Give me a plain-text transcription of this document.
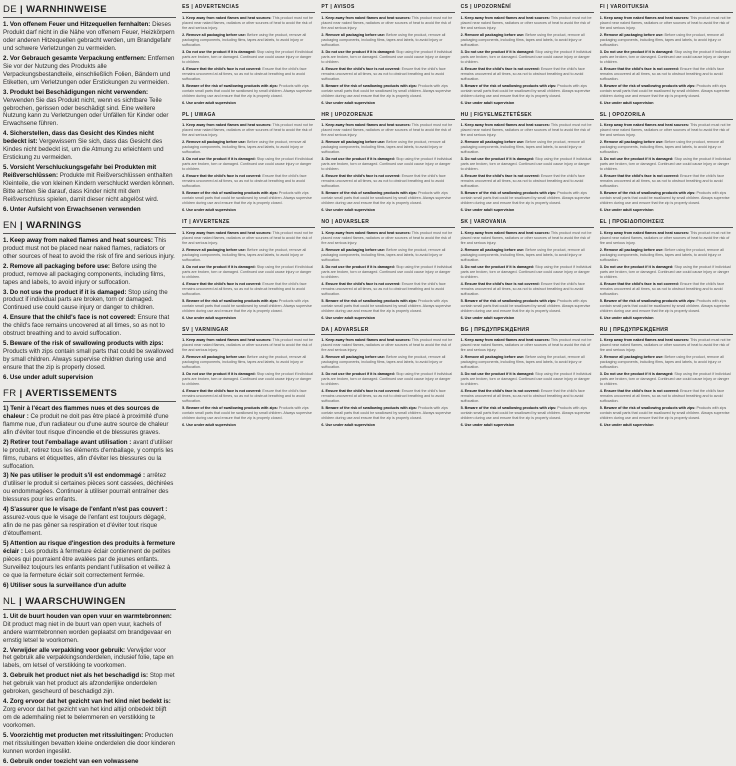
DE | WARNHINWEISE
1. Von offenem Feuer und Hitzequellen fernhalten: Dieses Produkt darf nicht in die Nähe von offenem Feuer, Heizkörpern oder anderen Hitzequellen gebracht werden, um Brandgefahr und schwere Verletzungen zu vermeiden.
2. Vor Gebrauch gesamte Verpackung entfernen: Entfernen Sie vor der Nutzung des Produkts alle Verpackungsbestandteile, einschließlich Folien, Bändern und Etiketten, um Verletzungen oder Erstickungen zu vermeiden.
3. Produkt bei Beschädigungen nicht verwenden: Verwenden Sie das Produkt nicht, wenn es sichtbare Teile gebrochen, gerissen oder beschädigt sind. Eine weitere Nutzung kann zu Verletzungen oder Unfällen für Kinder oder Erwachsene führen.
4. Sicherstellen, dass das Gesicht des Kindes nicht bedeckt ist: Vergewissern Sie sich, dass das Gesicht des Kindes nicht bedeckt ist, um die Atmung zu erleichtern und Erstickung zu vermeiden.
5. Vorsicht Verschluckungsgefahr bei Produkten mit Reißverschlüssen: Produkte mit Reißverschlüssen enthalten Kleinteile, die von kleinen Kindern verschluckt werden können. Bitte achten Sie darauf, dass Kinder nicht mit dem Reißverschluss spielen, damit dieser nicht abgelöst wird.
6. Unter Aufsicht von Erwachsenen verwenden
EN | WARNINGS
1. Keep away from naked flames and heat sources: This product must not be placed near naked flames, radiators or other sources of heat to avoid the risk of fire and serious injury.
2. Remove all packaging before use: Before using the product, remove all packaging components, including films, tapes and labels, to avoid injury or suffocation.
3. Do not use the product if it is damaged: Stop using the product if individual parts are broken, torn or damaged. Continued use could cause injury or danger to children.
4. Ensure that the child's face is not covered: Ensure that the child's face remains uncovered at all times, so as not to obstruct breathing and to avoid suffocation.
5. Beware of the risk of swallowing products with zips: Products with zips contain small parts that could be swallowed by small children. Always supervise children during use and ensure that the zip is properly closed.
6. Use under adult supervision
FR | AVERTISSEMENTS
1) Tenir à l'écart des flammes nues et des sources de chaleur : Ce produit ne doit pas être placé à proximité d'une flamme nue, d'un radiateur ou d'une autre source de chaleur afin d'éviter tout risque d'incendie et de blessures graves.
2) Retirer tout l'emballage avant utilisation : avant d'utiliser le produit, retirez tous les éléments d'emballage, y compris les films, rubans et étiquettes, afin d'éviter les blessures ou la suffocation.
3) Ne pas utiliser le produit s'il est endommagé : arrêtez d'utiliser le produit si certaines pièces sont cassées, déchirées ou endommagées. Continuer à utiliser pourrait entraîner des blessures pour les enfants.
4) S'assurer que le visage de l'enfant n'est pas couvert : assurez-vous que le visage de l'enfant est toujours dégagé, afin de ne pas gêner sa respiration et d'éviter tout risque d'étouffement.
5) Attention au risque d'ingestion des produits à fermeture éclair : Les produits à fermeture éclair contiennent de petites pièces qui pourraient être avalées par de jeunes enfants. Surveillez toujours les enfants pendant l'utilisation et veillez à ce que la fermeture éclair soit correctement fermée.
6) Utiliser sous la surveillance d'un adulte
NL | WAARSCHUWINGEN
1. Uit de buurt houden van open vuur en warmtebronnen: Dit product mag niet in de buurt van open vuur, kachels of andere warmtebronnen worden geplaatst om brandgevaar en ernstig letsel te voorkomen.
2. Verwijder alle verpakking voor gebruik: Verwijder voor het gebruik alle verpakkingsonderdelen, inclusief folie, tape en labels, om letsel of verstikking te voorkomen.
3. Gebruik het product niet als het beschadigd is: Stop met het gebruik van het product als afzonderlijke onderdelen gebroken, gescheurd of beschadigd zijn.
4. Zorg ervoor dat het gezicht van het kind niet bedekt is: Zorg ervoor dat het gezicht van het kind altijd onbedekt blijft om de ademhaling niet te belemmeren en verstikking te voorkomen.
5. Voorzichtig met producten met ritssluitingen: Producten met ritssluitingen bevatten kleine onderdelen die door kinderen kunnen worden ingeslikt.
6. Gebruik onder toezicht van een volwassene
ES | ADVERTENCIAS
1. Keep away from naked flames and heat sources: This product must not be placed near naked flames, radiators or other sources of heat to avoid the risk of fire and serious injury.
2. Remove all packaging before use: Before using the product, remove all packaging components, including films, tapes and labels, to avoid injury or suffocation.
3. Do not use the product if it is damaged: Stop using the product if individual parts are broken, torn or damaged. Continued use could cause injury or danger to children.
4. Ensure that the child's face is not covered: Ensure that the child's face remains uncovered at all times, so as not to obstruct breathing and to avoid suffocation.
5. Beware of the risk of swallowing products with zips: Products with zips contain small parts that could be swallowed by small children. Always supervise children during use and ensure that the zip is properly closed.
6. Use under adult supervision
PL | UWAGA
1. Keep away from naked flames and heat sources: This product must not be placed near naked flames, radiators or other sources of heat to avoid the risk of fire and serious injury.
2. Remove all packaging before use: Before using the product, remove all packaging components, including films, tapes and labels, to avoid injury or suffocation.
3. Do not use the product if it is damaged: Stop using the product if individual parts are broken, torn or damaged. Continued use could cause injury or danger to children.
4. Ensure that the child's face is not covered: Ensure that the child's face remains uncovered at all times, so as not to obstruct breathing and to avoid suffocation.
5. Beware of the risk of swallowing products with zips: Products with zips contain small parts that could be swallowed by small children. Always supervise children during use and ensure that the zip is properly closed.
6. Use under adult supervision
IT | AVVERTENZE
1. Keep away from naked flames and heat sources: This product must not be placed near naked flames, radiators or other sources of heat to avoid the risk of fire and serious injury.
2. Remove all packaging before use: Before using the product, remove all packaging components, including films, tapes and labels, to avoid injury or suffocation.
3. Do not use the product if it is damaged: Stop using the product if individual parts are broken, torn or damaged. Continued use could cause injury or danger to children.
4. Ensure that the child's face is not covered: Ensure that the child's face remains uncovered at all times, so as not to obstruct breathing and to avoid suffocation.
5. Beware of the risk of swallowing products with zips: Products with zips contain small parts that could be swallowed by small children. Always supervise children during use and ensure that the zip is properly closed.
6. Use under adult supervision
SV | VARNINGAR
1. Keep away from naked flames and heat sources: This product must not be placed near naked flames, radiators or other sources of heat to avoid the risk of fire and serious injury.
2. Remove all packaging before use: Before using the product, remove all packaging components, including films, tapes and labels, to avoid injury or suffocation.
3. Do not use the product if it is damaged: Stop using the product if individual parts are broken, torn or damaged. Continued use could cause injury or danger to children.
4. Ensure that the child's face is not covered: Ensure that the child's face remains uncovered at all times, so as not to obstruct breathing and to avoid suffocation.
5. Beware of the risk of swallowing products with zips: Products with zips contain small parts that could be swallowed by small children. Always supervise children during use and ensure that the zip is properly closed.
6. Use under adult supervision
PT | AVISOS
1. Keep away from naked flames and heat sources: This product must not be placed near naked flames, radiators or other sources of heat to avoid the risk of fire and serious injury.
2. Remove all packaging before use: Before using the product, remove all packaging components, including films, tapes and labels, to avoid injury or suffocation.
3. Do not use the product if it is damaged: Stop using the product if individual parts are broken, torn or damaged. Continued use could cause injury or danger to children.
4. Ensure that the child's face is not covered: Ensure that the child's face remains uncovered at all times, so as not to obstruct breathing and to avoid suffocation.
5. Beware of the risk of swallowing products with zips: Products with zips contain small parts that could be swallowed by small children. Always supervise children during use and ensure that the zip is properly closed.
6. Use under adult supervision
HR | UPOZORENJE
1. Keep away from naked flames and heat sources: This product must not be placed near naked flames, radiators or other sources of heat to avoid the risk of fire and serious injury.
2. Remove all packaging before use: Before using the product, remove all packaging components, including films, tapes and labels, to avoid injury or suffocation.
3. Do not use the product if it is damaged: Stop using the product if individual parts are broken, torn or damaged. Continued use could cause injury or danger to children.
4. Ensure that the child's face is not covered: Ensure that the child's face remains uncovered at all times, so as not to obstruct breathing and to avoid suffocation.
5. Beware of the risk of swallowing products with zips: Products with zips contain small parts that could be swallowed by small children. Always supervise children during use and ensure that the zip is properly closed.
6. Use under adult supervision
NO | ADVARSLER
1. Keep away from naked flames and heat sources: This product must not be placed near naked flames, radiators or other sources of heat to avoid the risk of fire and serious injury.
2. Remove all packaging before use: Before using the product, remove all packaging components, including films, tapes and labels, to avoid injury or suffocation.
3. Do not use the product if it is damaged: Stop using the product if individual parts are broken, torn or damaged. Continued use could cause injury or danger to children.
4. Ensure that the child's face is not covered: Ensure that the child's face remains uncovered at all times, so as not to obstruct breathing and to avoid suffocation.
5. Beware of the risk of swallowing products with zips: Products with zips contain small parts that could be swallowed by small children. Always supervise children during use and ensure that the zip is properly closed.
6. Use under adult supervision
DA | ADVARSLER
1. Keep away from naked flames and heat sources: This product must not be placed near naked flames, radiators or other sources of heat to avoid the risk of fire and serious injury.
2. Remove all packaging before use: Before using the product, remove all packaging components, including films, tapes and labels, to avoid injury or suffocation.
3. Do not use the product if it is damaged: Stop using the product if individual parts are broken, torn or damaged. Continued use could cause injury or danger to children.
4. Ensure that the child's face is not covered: Ensure that the child's face remains uncovered at all times, so as not to obstruct breathing and to avoid suffocation.
5. Beware of the risk of swallowing products with zips: Products with zips contain small parts that could be swallowed by small children. Always supervise children during use and ensure that the zip is properly closed.
6. Use under adult supervision
CS | UPOZORNĚNÍ
1. Keep away from naked flames and heat sources: This product must not be placed near naked flames, radiators or other sources of heat to avoid the risk of fire and serious injury.
2. Remove all packaging before use: Before using the product, remove all packaging components, including films, tapes and labels, to avoid injury or suffocation.
3. Do not use the product if it is damaged: Stop using the product if individual parts are broken, torn or damaged. Continued use could cause injury or danger to children.
4. Ensure that the child's face is not covered: Ensure that the child's face remains uncovered at all times, so as not to obstruct breathing and to avoid suffocation.
5. Beware of the risk of swallowing products with zips: Products with zips contain small parts that could be swallowed by small children. Always supervise children during use and ensure that the zip is properly closed.
6. Use under adult supervision
HU | FIGYELMEZTETÉSEK
1. Keep away from naked flames and heat sources: This product must not be placed near naked flames, radiators or other sources of heat to avoid the risk of fire and serious injury.
2. Remove all packaging before use: Before using the product, remove all packaging components, including films, tapes and labels, to avoid injury or suffocation.
3. Do not use the product if it is damaged: Stop using the product if individual parts are broken, torn or damaged. Continued use could cause injury or danger to children.
4. Ensure that the child's face is not covered: Ensure that the child's face remains uncovered at all times, so as not to obstruct breathing and to avoid suffocation.
5. Beware of the risk of swallowing products with zips: Products with zips contain small parts that could be swallowed by small children. Always supervise children during use and ensure that the zip is properly closed.
6. Use under adult supervision
SK | VAROVANIA
1. Keep away from naked flames and heat sources: This product must not be placed near naked flames, radiators or other sources of heat to avoid the risk of fire and serious injury.
2. Remove all packaging before use: Before using the product, remove all packaging components, including films, tapes and labels, to avoid injury or suffocation.
3. Do not use the product if it is damaged: Stop using the product if individual parts are broken, torn or damaged. Continued use could cause injury or danger to children.
4. Ensure that the child's face is not covered: Ensure that the child's face remains uncovered at all times, so as not to obstruct breathing and to avoid suffocation.
5. Beware of the risk of swallowing products with zips: Products with zips contain small parts that could be swallowed by small children. Always supervise children during use and ensure that the zip is properly closed.
6. Use under adult supervision
BG | ПРЕДУПРЕЖДЕНИЯ
1. Keep away from naked flames and heat sources: This product must not be placed near naked flames, radiators or other sources of heat to avoid the risk of fire and serious injury.
2. Remove all packaging before use: Before using the product, remove all packaging components, including films, tapes and labels, to avoid injury or suffocation.
3. Do not use the product if it is damaged: Stop using the product if individual parts are broken, torn or damaged. Continued use could cause injury or danger to children.
4. Ensure that the child's face is not covered: Ensure that the child's face remains uncovered at all times, so as not to obstruct breathing and to avoid suffocation.
5. Beware of the risk of swallowing products with zips: Products with zips contain small parts that could be swallowed by small children. Always supervise children during use and ensure that the zip is properly closed.
6. Use under adult supervision
FI | VAROITUKSIA
1. Keep away from naked flames and heat sources: This product must not be placed near naked flames, radiators or other sources of heat to avoid the risk of fire and serious injury.
2. Remove all packaging before use: Before using the product, remove all packaging components, including films, tapes and labels, to avoid injury or suffocation.
3. Do not use the product if it is damaged: Stop using the product if individual parts are broken, torn or damaged. Continued use could cause injury or danger to children.
4. Ensure that the child's face is not covered: Ensure that the child's face remains uncovered at all times, so as not to obstruct breathing and to avoid suffocation.
5. Beware of the risk of swallowing products with zips: Products with zips contain small parts that could be swallowed by small children. Always supervise children during use and ensure that the zip is properly closed.
6. Use under adult supervision
SL | OPOZORILA
1. Keep away from naked flames and heat sources: This product must not be placed near naked flames, radiators or other sources of heat to avoid the risk of fire and serious injury.
2. Remove all packaging before use: Before using the product, remove all packaging components, including films, tapes and labels, to avoid injury or suffocation.
3. Do not use the product if it is damaged: Stop using the product if individual parts are broken, torn or damaged. Continued use could cause injury or danger to children.
4. Ensure that the child's face is not covered: Ensure that the child's face remains uncovered at all times, so as not to obstruct breathing and to avoid suffocation.
5. Beware of the risk of swallowing products with zips: Products with zips contain small parts that could be swallowed by small children. Always supervise children during use and ensure that the zip is properly closed.
6. Use under adult supervision
EL | ΠΡΟΕΙΔΟΠΟΙΗΣΕΙΣ
1. Keep away from naked flames and heat sources: This product must not be placed near naked flames, radiators or other sources of heat to avoid the risk of fire and serious injury.
2. Remove all packaging before use: Before using the product, remove all packaging components, including films, tapes and labels, to avoid injury or suffocation.
3. Do not use the product if it is damaged: Stop using the product if individual parts are broken, torn or damaged. Continued use could cause injury or danger to children.
4. Ensure that the child's face is not covered: Ensure that the child's face remains uncovered at all times, so as not to obstruct breathing and to avoid suffocation.
5. Beware of the risk of swallowing products with zips: Products with zips contain small parts that could be swallowed by small children. Always supervise children during use and ensure that the zip is properly closed.
6. Use under adult supervision
RU | ПРЕДУПРЕЖДЕНИЯ
1. Keep away from naked flames and heat sources: This product must not be placed near naked flames, radiators or other sources of heat to avoid the risk of fire and serious injury.
2. Remove all packaging before use: Before using the product, remove all packaging components, including films, tapes and labels, to avoid injury or suffocation.
3. Do not use the product if it is damaged: Stop using the product if individual parts are broken, torn or damaged. Continued use could cause injury or danger to children.
4. Ensure that the child's face is not covered: Ensure that the child's face remains uncovered at all times, so as not to obstruct breathing and to avoid suffocation.
5. Beware of the risk of swallowing products with zips: Products with zips contain small parts that could be swallowed by small children. Always supervise children during use and ensure that the zip is properly closed.
6. Use under adult supervision
